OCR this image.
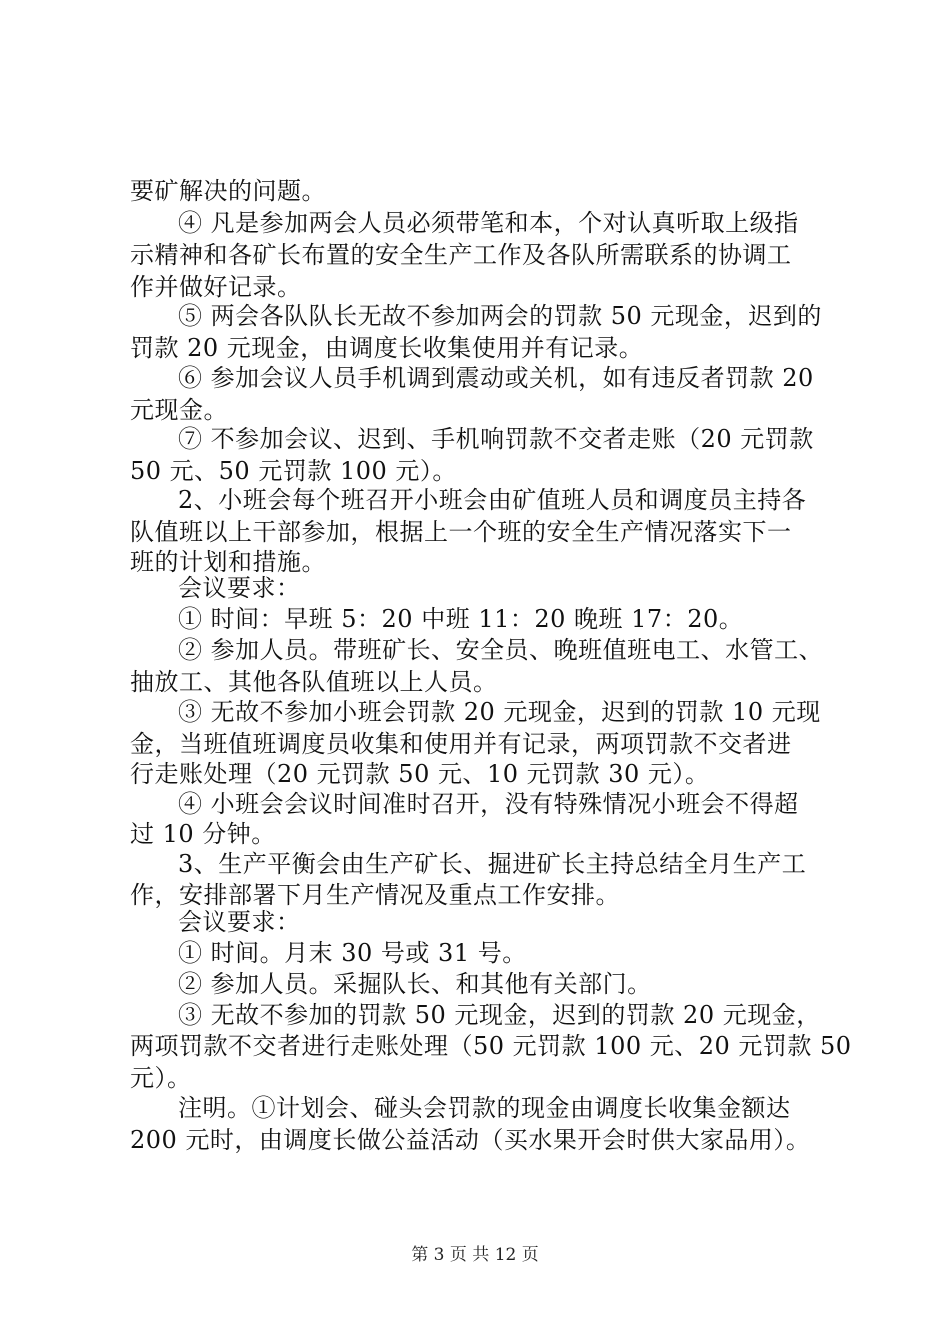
要矿解决的问题。
④ 凡是参加两会人员必须带笔和本，个对认真听取上级指
示精神和各矿长布置的安全生产工作及各队所需联系的协调工
作并做好记录。
⑤ 两会各队队长无故不参加两会的罚款 50 元现金，迟到的
罚款 20 元现金，由调度长收集使用并有记录。
⑥ 参加会议人员手机调到震动或关机，如有违反者罚款 20
元现金。
⑦ 不参加会议、迟到、手机响罚款不交者走账（20 元罚款
50 元、50 元罚款 100 元）。
2、小班会每个班召开小班会由矿值班人员和调度员主持各
队值班以上干部参加，根据上一个班的安全生产情况落实下一
班的计划和措施。
会议要求：
① 时间：早班 5：20 中班 11：20 晚班 17：20。
② 参加人员。带班矿长、安全员、晚班值班电工、水管工、
抽放工、其他各队值班以上人员。
③ 无故不参加小班会罚款 20 元现金，迟到的罚款 10 元现
金，当班值班调度员收集和使用并有记录，两项罚款不交者进
行走账处理（20 元罚款 50 元、10 元罚款 30 元）。
④ 小班会会议时间准时召开，没有特殊情况小班会不得超
过 10 分钟。
3、生产平衡会由生产矿长、掘进矿长主持总结全月生产工
作，安排部署下月生产情况及重点工作安排。
会议要求：
① 时间。月末 30 号或 31 号。
② 参加人员。采掘队长、和其他有关部门。
③ 无故不参加的罚款 50 元现金，迟到的罚款 20 元现金，
两项罚款不交者进行走账处理（50 元罚款 100 元、20 元罚款 50
元）。
注明。①计划会、碰头会罚款的现金由调度长收集金额达
200 元时，由调度长做公益活动（买水果开会时供大家品用）。
第 3 页 共 12 页
